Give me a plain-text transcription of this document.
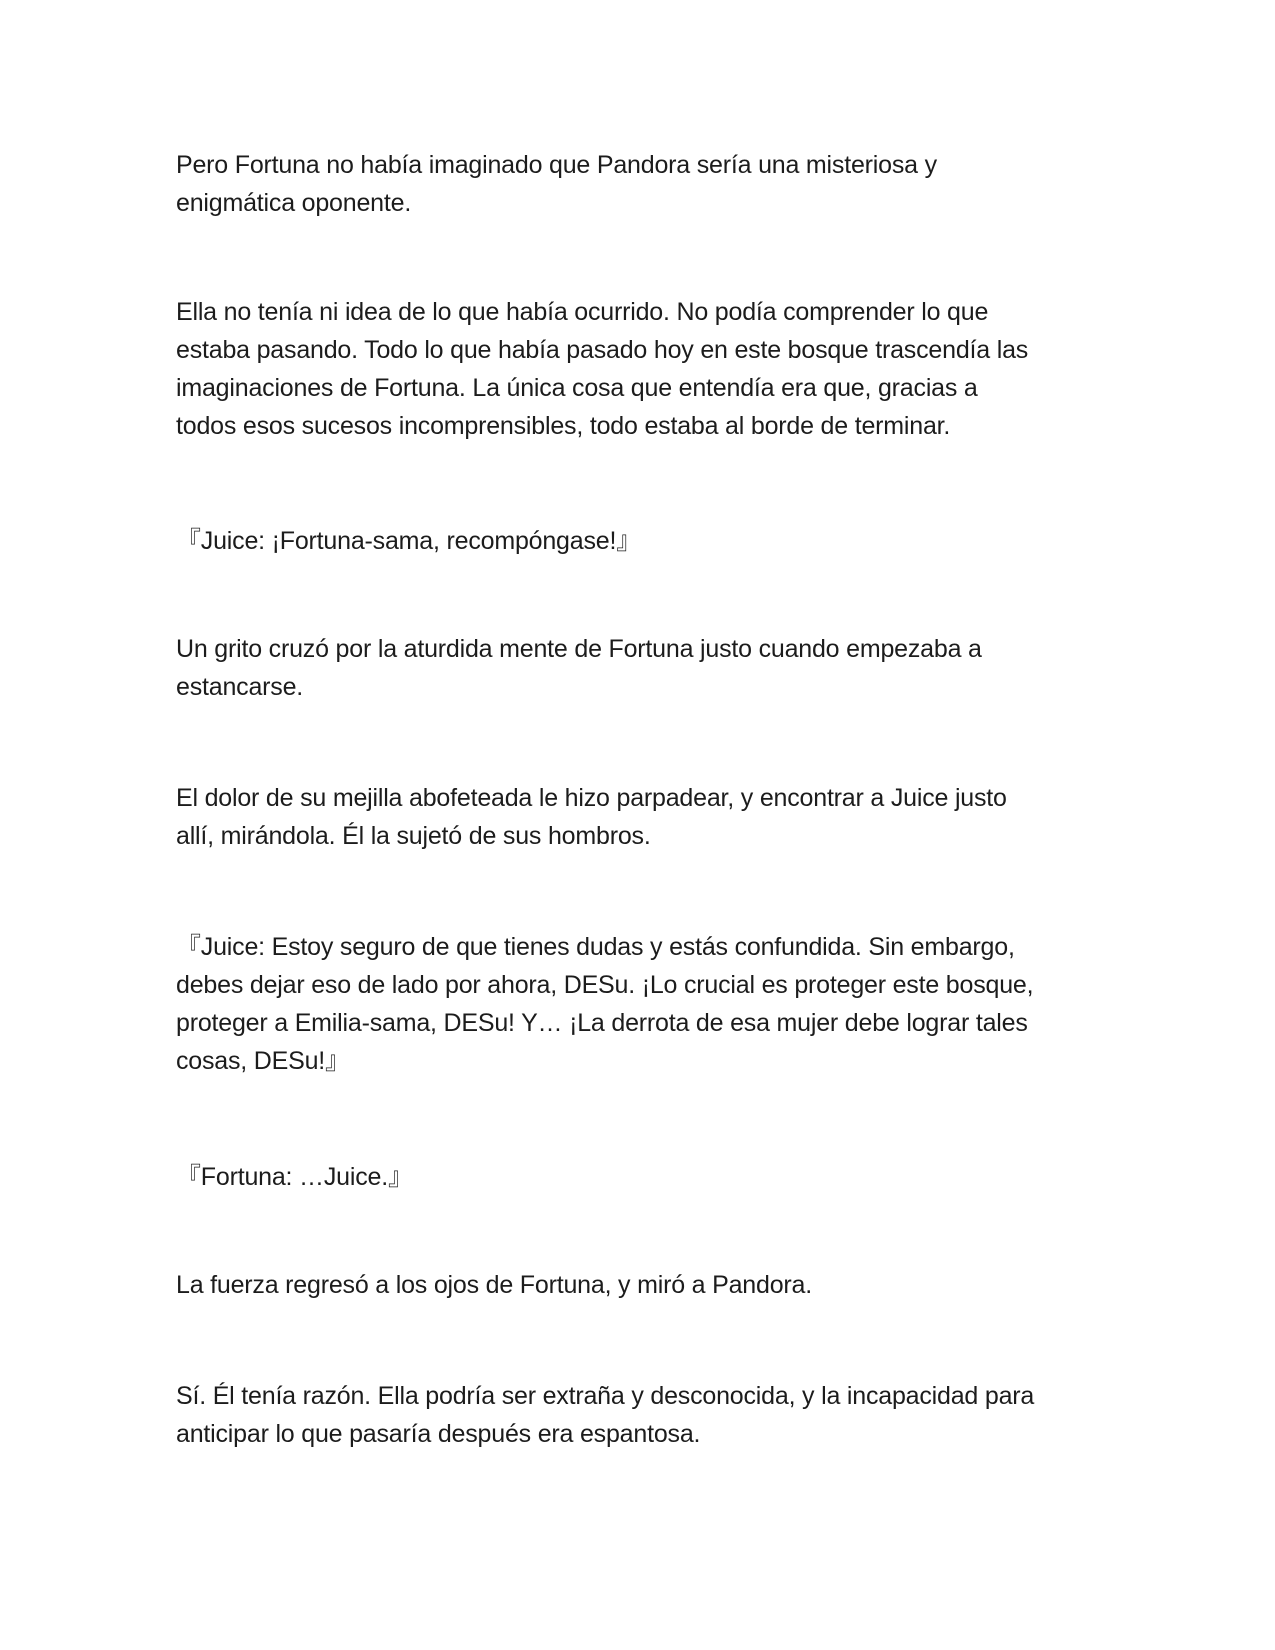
Pero Fortuna no había imaginado que Pandora sería una misteriosa y
enigmática oponente.
Ella no tenía ni idea de lo que había ocurrido. No podía comprender lo que
estaba pasando. Todo lo que había pasado hoy en este bosque trascendía las
imaginaciones de Fortuna. La única cosa que entendía era que, gracias a
todos esos sucesos incomprensibles, todo estaba al borde de terminar.
『Juice: ¡Fortuna-sama, recompóngase!』
Un grito cruzó por la aturdida mente de Fortuna justo cuando empezaba a
estancarse.
El dolor de su mejilla abofeteada le hizo parpadear, y encontrar a Juice justo
allí, mirándola. Él la sujetó de sus hombros.
『Juice: Estoy seguro de que tienes dudas y estás confundida. Sin embargo,
debes dejar eso de lado por ahora, DESu. ¡Lo crucial es proteger este bosque,
proteger a Emilia-sama, DESu! Y… ¡La derrota de esa mujer debe lograr tales
cosas, DESu!』
『Fortuna: …Juice.』
La fuerza regresó a los ojos de Fortuna, y miró a Pandora.
Sí. Él tenía razón. Ella podría ser extraña y desconocida, y la incapacidad para
anticipar lo que pasaría después era espantosa.
